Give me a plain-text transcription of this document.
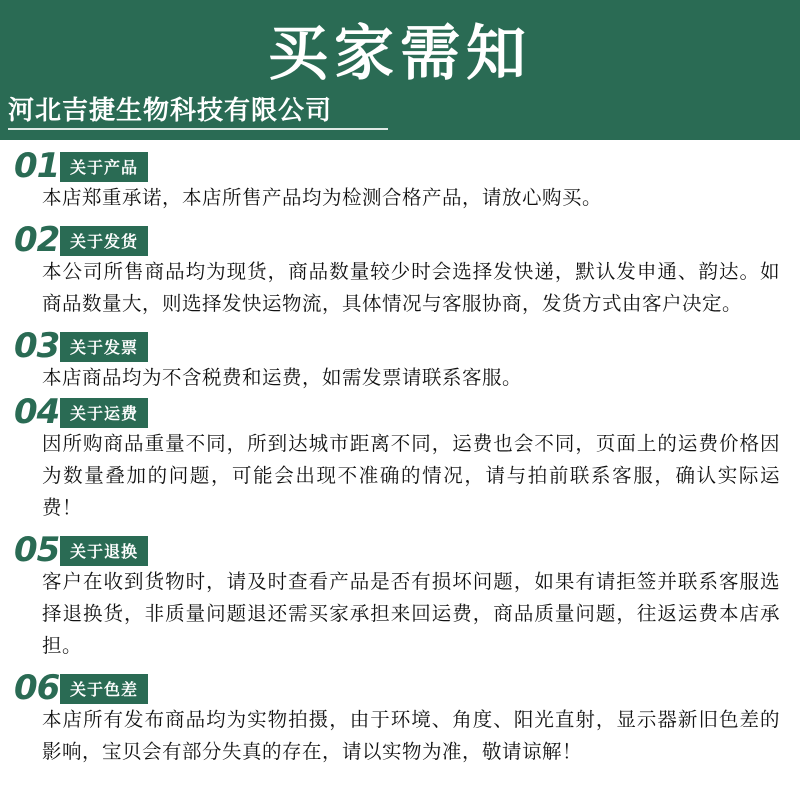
买家需知
河北吉捷生物科技有限公司
01 关于产品
本店郑重承诺，本店所售产品均为检测合格产品，请放心购买。
02 关于发货
本公司所售商品均为现货，商品数量较少时会选择发快递，默认发申通、韵达。如商品数量大，则选择发快运物流，具体情况与客服协商，发货方式由客户决定。
03 关于发票
本店商品均为不含税费和运费，如需发票请联系客服。
04 关于运费
因所购商品重量不同，所到达城市距离不同，运费也会不同，页面上的运费价格因为数量叠加的问题，可能会出现不准确的情况，请与拍前联系客服，确认实际运费！
05 关于退换
客户在收到货物时，请及时查看产品是否有损坏问题，如果有请拒签并联系客服选择退换货，非质量问题退还需买家承担来回运费，商品质量问题，往返运费本店承担。
06 关于色差
本店所有发布商品均为实物拍摄，由于环境、角度、阳光直射，显示器新旧色差的影响，宝贝会有部分失真的存在，请以实物为准，敬请谅解！
